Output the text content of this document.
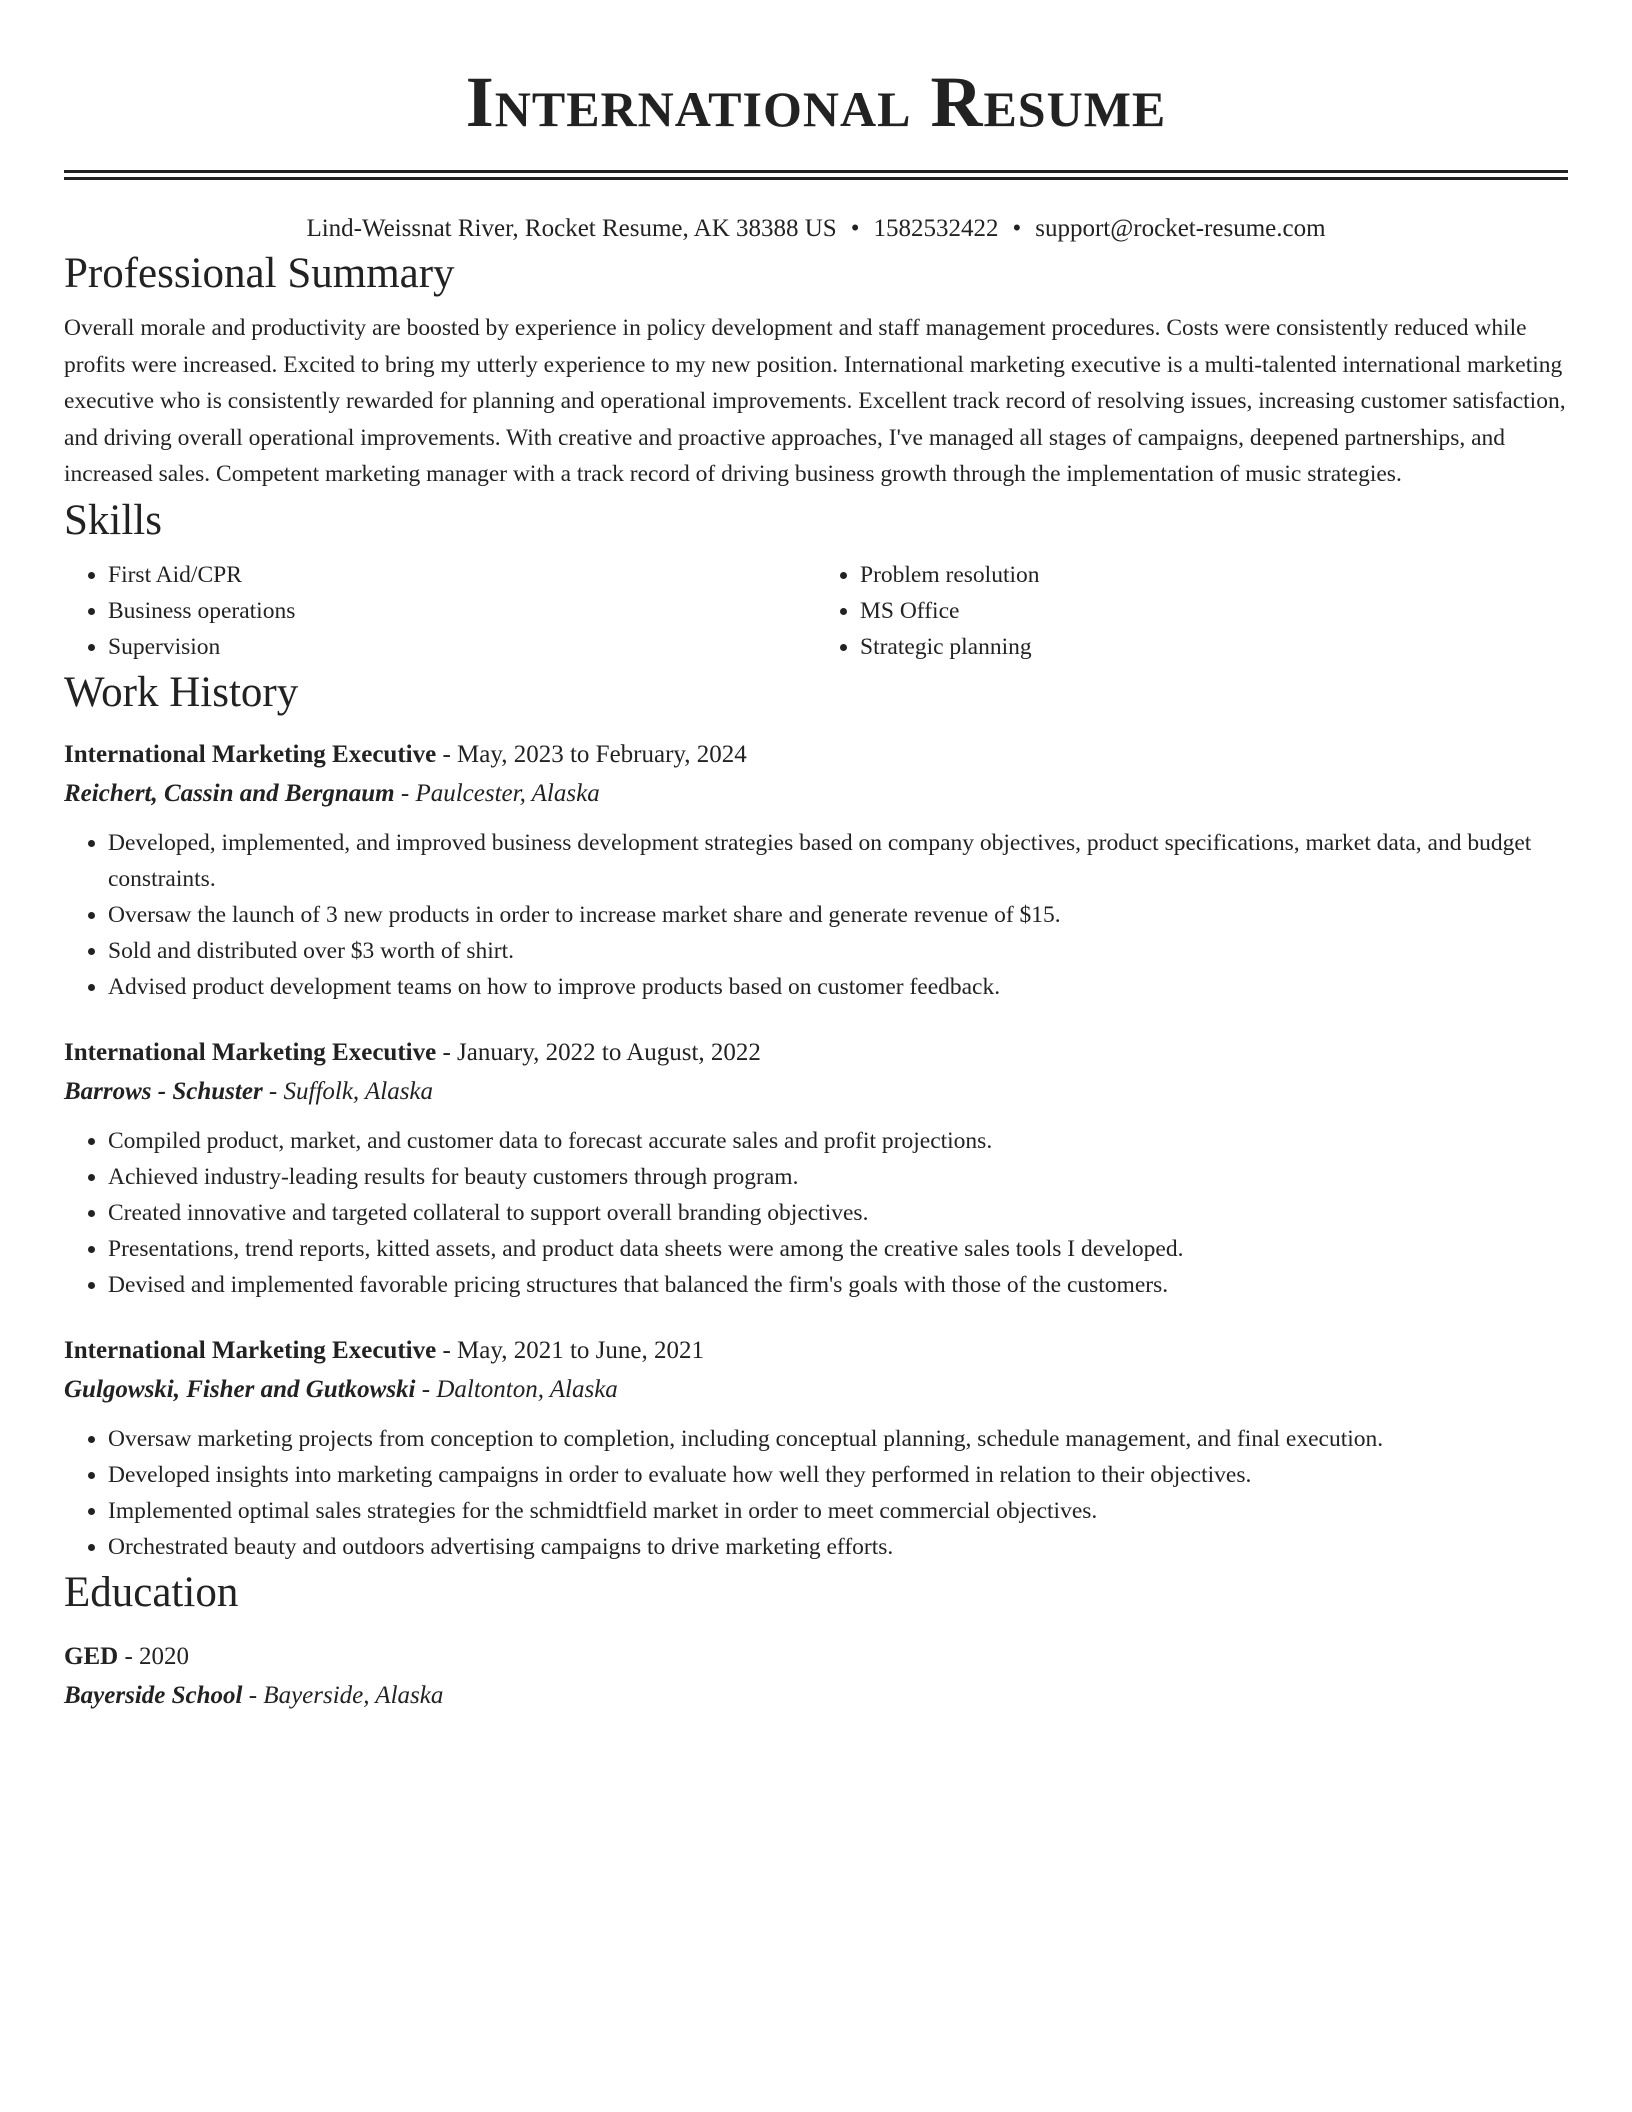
International Resume
Lind-Weissnat River, Rocket Resume, AK 38388 US • 1582532422 • support@rocket-resume.com
Professional Summary

Overall morale and productivity are boosted by experience in policy development and staff management procedures. Costs were consistently reduced while profits were increased. Excited to bring my utterly experience to my new position. International marketing executive is a multi-talented international marketing executive who is consistently rewarded for planning and operational improvements. Excellent track record of resolving issues, increasing customer satisfaction, and driving overall operational improvements. With creative and proactive approaches, I've managed all stages of campaigns, deepened partnerships, and increased sales. Competent marketing manager with a track record of driving business growth through the implementation of music strategies.

Skills
• First Aid/CPR
• Business operations
• Supervision
• Problem resolution
• MS Office
• Strategic planning
Work History
International Marketing Executive - May, 2023 to February, 2024
Reichert, Cassin and Bergnaum - Paulcester, Alaska
• Developed, implemented, and improved business development strategies based on company objectives, product specifications, market data, and budget constraints.
• Oversaw the launch of 3 new products in order to increase market share and generate revenue of $15.
• Sold and distributed over $3 worth of shirt.
• Advised product development teams on how to improve products based on customer feedback.
International Marketing Executive - January, 2022 to August, 2022
Barrows - Schuster - Suffolk, Alaska
• Compiled product, market, and customer data to forecast accurate sales and profit projections.
• Achieved industry-leading results for beauty customers through program.
• Created innovative and targeted collateral to support overall branding objectives.
• Presentations, trend reports, kitted assets, and product data sheets were among the creative sales tools I developed.
• Devised and implemented favorable pricing structures that balanced the firm's goals with those of the customers.
International Marketing Executive - May, 2021 to June, 2021
Gulgowski, Fisher and Gutkowski - Daltonton, Alaska
• Oversaw marketing projects from conception to completion, including conceptual planning, schedule management, and final execution.
• Developed insights into marketing campaigns in order to evaluate how well they performed in relation to their objectives.
• Implemented optimal sales strategies for the schmidtfield market in order to meet commercial objectives.
• Orchestrated beauty and outdoors advertising campaigns to drive marketing efforts.
Education
GED - 2020
Bayerside School - Bayerside, Alaska
